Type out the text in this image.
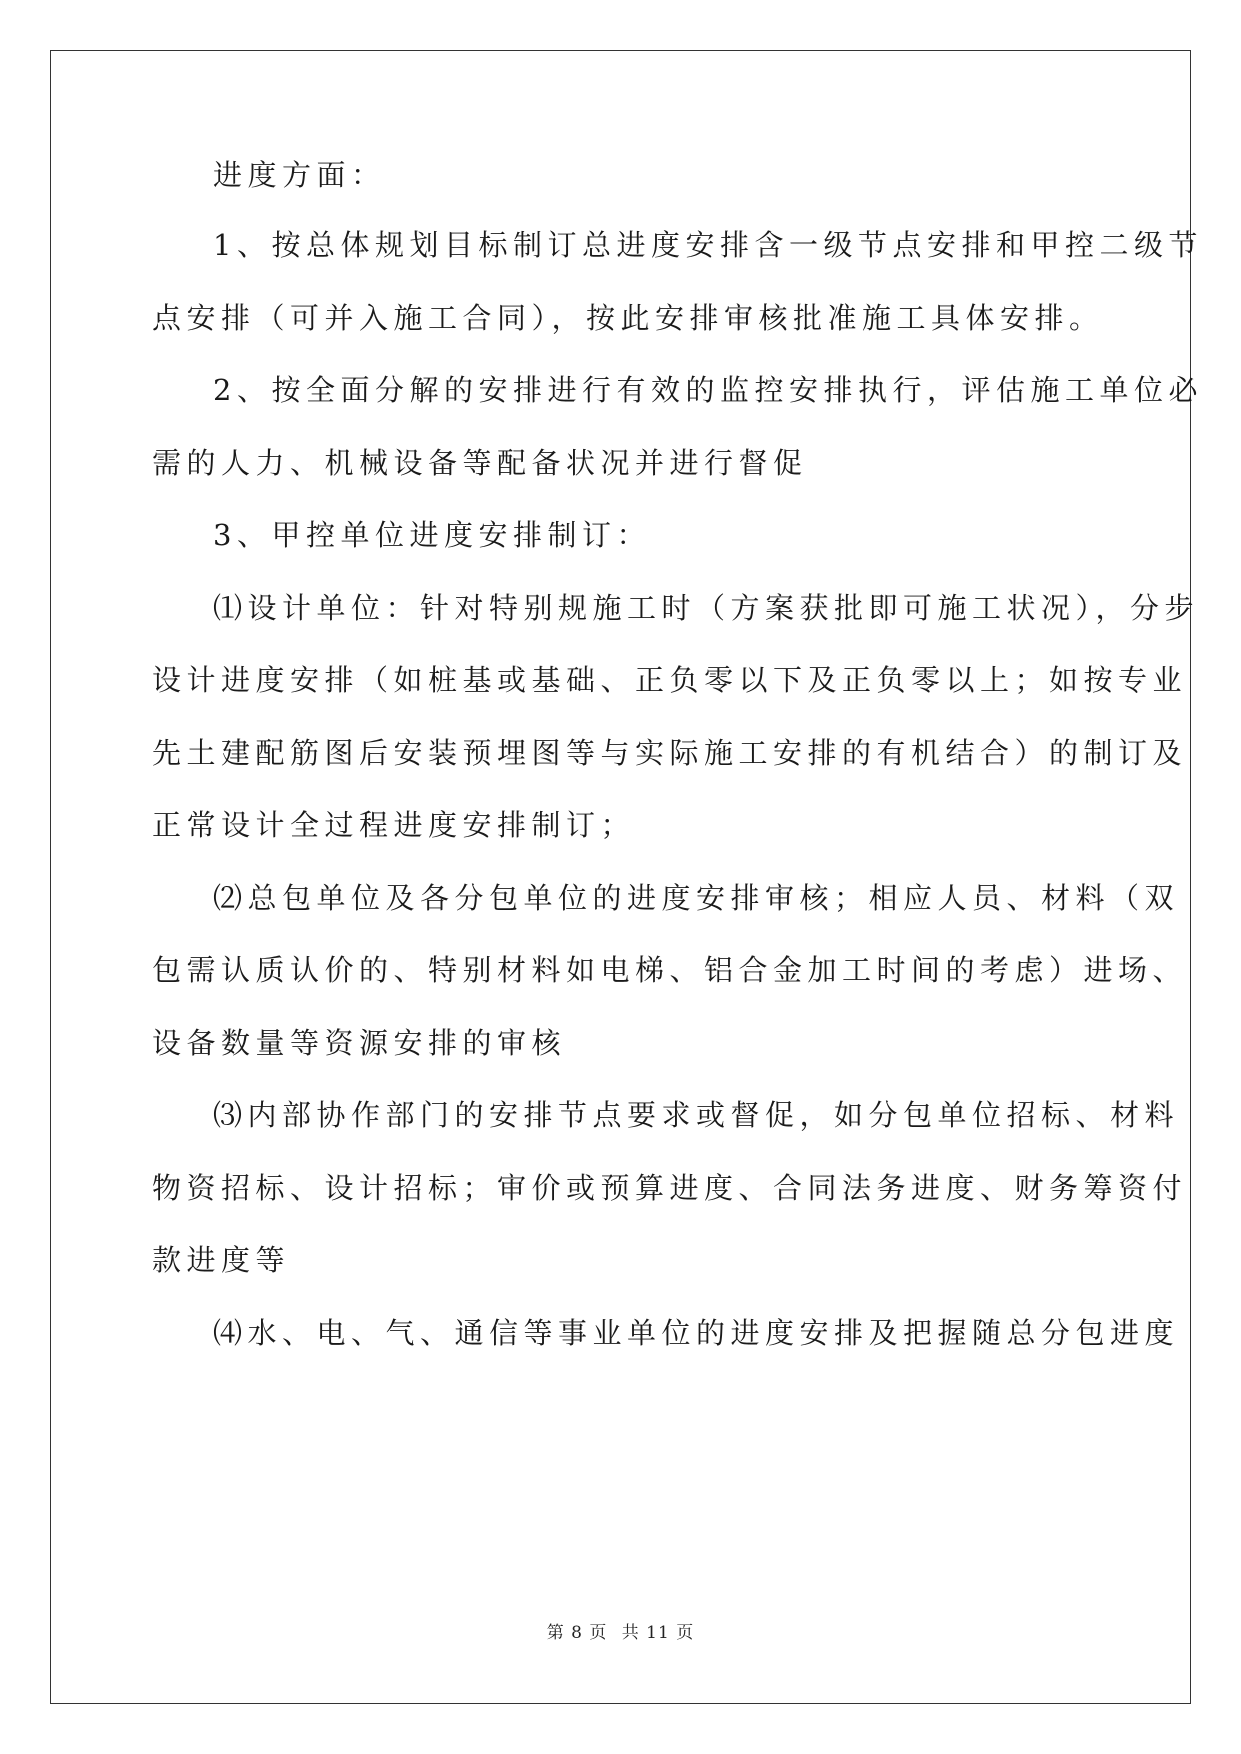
进度方面：
1、按总体规划目标制订总进度安排含一级节点安排和甲控二级节
点安排（可并入施工合同），按此安排审核批准施工具体安排。
2、按全面分解的安排进行有效的监控安排执行，评估施工单位必
需的人力、机械设备等配备状况并进行督促
3、甲控单位进度安排制订：
⑴设计单位：针对特别规施工时（方案获批即可施工状况），分步
设计进度安排（如桩基或基础、正负零以下及正负零以上；如按专业
先土建配筋图后安装预埋图等与实际施工安排的有机结合）的制订及
正常设计全过程进度安排制订；
⑵总包单位及各分包单位的进度安排审核；相应人员、材料（双
包需认质认价的、特别材料如电梯、铝合金加工时间的考虑）进场、
设备数量等资源安排的审核
⑶内部协作部门的安排节点要求或督促，如分包单位招标、材料
物资招标、设计招标；审价或预算进度、合同法务进度、财务筹资付
款进度等
⑷水、电、气、通信等事业单位的进度安排及把握随总分包进度
第 8 页 共 11 页
